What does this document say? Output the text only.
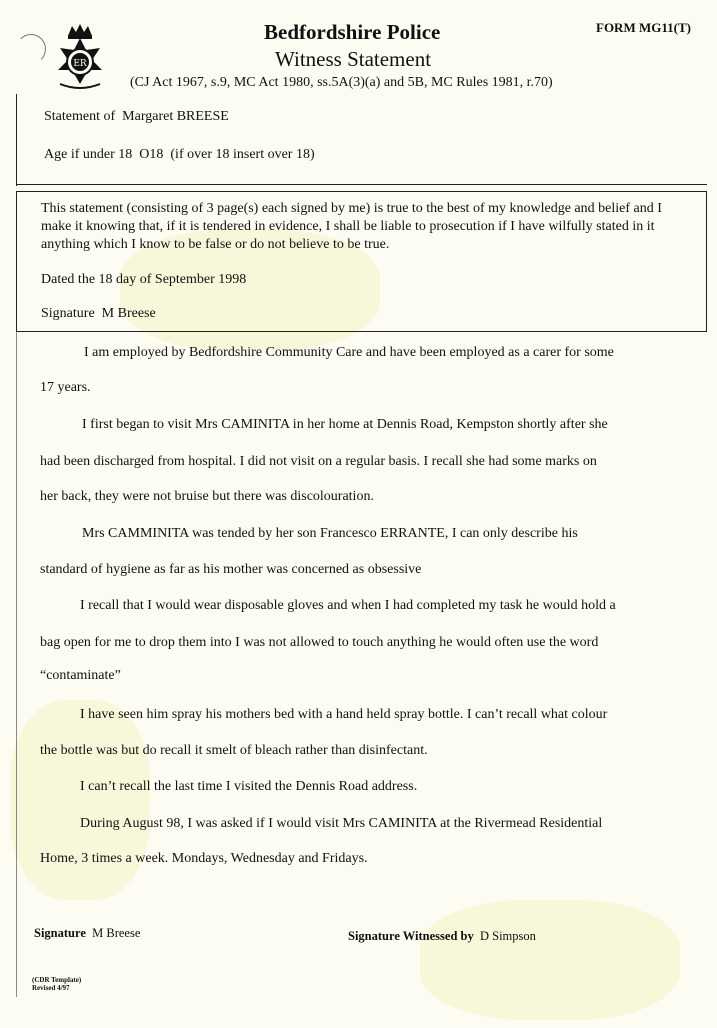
ER
Bedfordshire Police
Witness Statement
(CJ Act 1967, s.9, MC Act 1980, ss.5A(3)(a) and 5B, MC Rules 1981, r.70)
FORM MG11(T)
Statement of Margaret BREESE
Age if under 18 O18 (if over 18 insert over 18)
This statement (consisting of 3 page(s) each signed by me) is true to the best of my knowledge and belief and I make it knowing that, if it is tendered in evidence, I shall be liable to prosecution if I have wilfully stated in it anything which I know to be false or do not believe to be true.
Dated the 18 day of September 1998
Signature M Breese
I am employed by Bedfordshire Community Care and have been employed as a carer for some
17 years.
I first began to visit Mrs CAMINITA in her home at Dennis Road, Kempston shortly after she
had been discharged from hospital. I did not visit on a regular basis. I recall she had some marks on
her back, they were not bruise but there was discolouration.
Mrs CAMMINITA was tended by her son Francesco ERRANTE, I can only describe his
standard of hygiene as far as his mother was concerned as obsessive
I recall that I would wear disposable gloves and when I had completed my task he would hold a
bag open for me to drop them into I was not allowed to touch anything he would often use the word
“contaminate”
I have seen him spray his mothers bed with a hand held spray bottle. I can’t recall what colour
the bottle was but do recall it smelt of bleach rather than disinfectant.
I can’t recall the last time I visited the Dennis Road address.
During August 98, I was asked if I would visit Mrs CAMINITA at the Rivermead Residential
Home, 3 times a week. Mondays, Wednesday and Fridays.
Signature M Breese	Signature Witnessed by D Simpson
(CDR Template)
Revised 4/97
